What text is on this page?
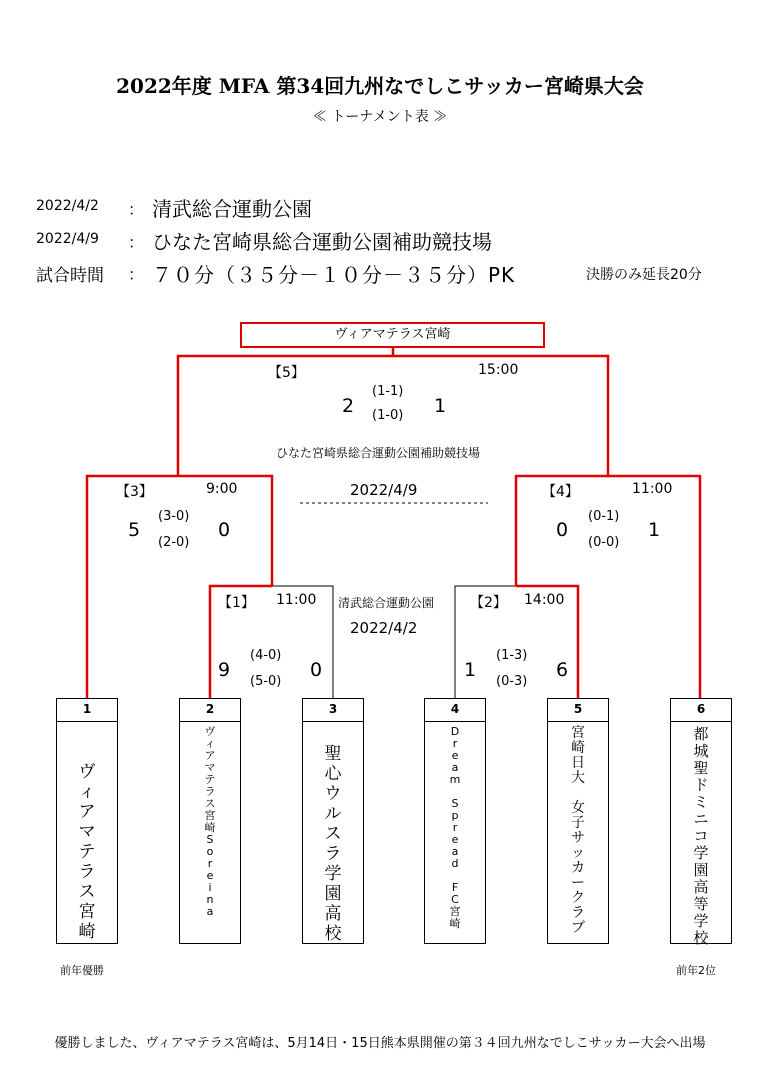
2022年度 MFA 第34回九州なでしこサッカー宮崎県大会
≪ トーナメント表 ≫
2022/4/2 ： 清武総合運動公園
2022/4/9 ： ひなた宮崎県総合運動公園補助競技場
試合時間 ： ７０分（３５分－１０分－３５分）PK	決勝のみ延長20分
ヴィアマテラス宮崎
【5】	15:00
2
(1-1)
(1-0) 1
ひなた宮崎県総合運動公園補助競技場
2022/4/9
【3】	9:00
5
(3-0)
(2-0)
0
【4】	11:00
0
(0-1)
(0-0)
1
清武総合運動公園
2022/4/2
【1】 11:00
9
(4-0)
(5-0)
0
【2】 14:00
1
(1-3)
(0-3)
6
1
ヴ
ィ
ア
マ
テ
ラ
ス
宮
崎
2
ヴ
ィ
ア
マ
テ
ラ
ス
宮
崎
S
o
r
e
i
n
a
3
聖
心
ウ
ル
ス
ラ
学
園
高
校
4
D
r
e
a
m

S
p
r
e
a
d

F
C
宮
崎
5
宮
崎
日
大

女
子
サ
ッ
カ
ー
ク
ラ
ブ
6
都
城
聖
ド
ミ
ニ
コ
学
園
高
等
学
校
前年優勝	前年2位
優勝しました、ヴィアマテラス宮崎は、5月14日・15日熊本県開催の第３４回九州なでしこサッカー大会へ出場
